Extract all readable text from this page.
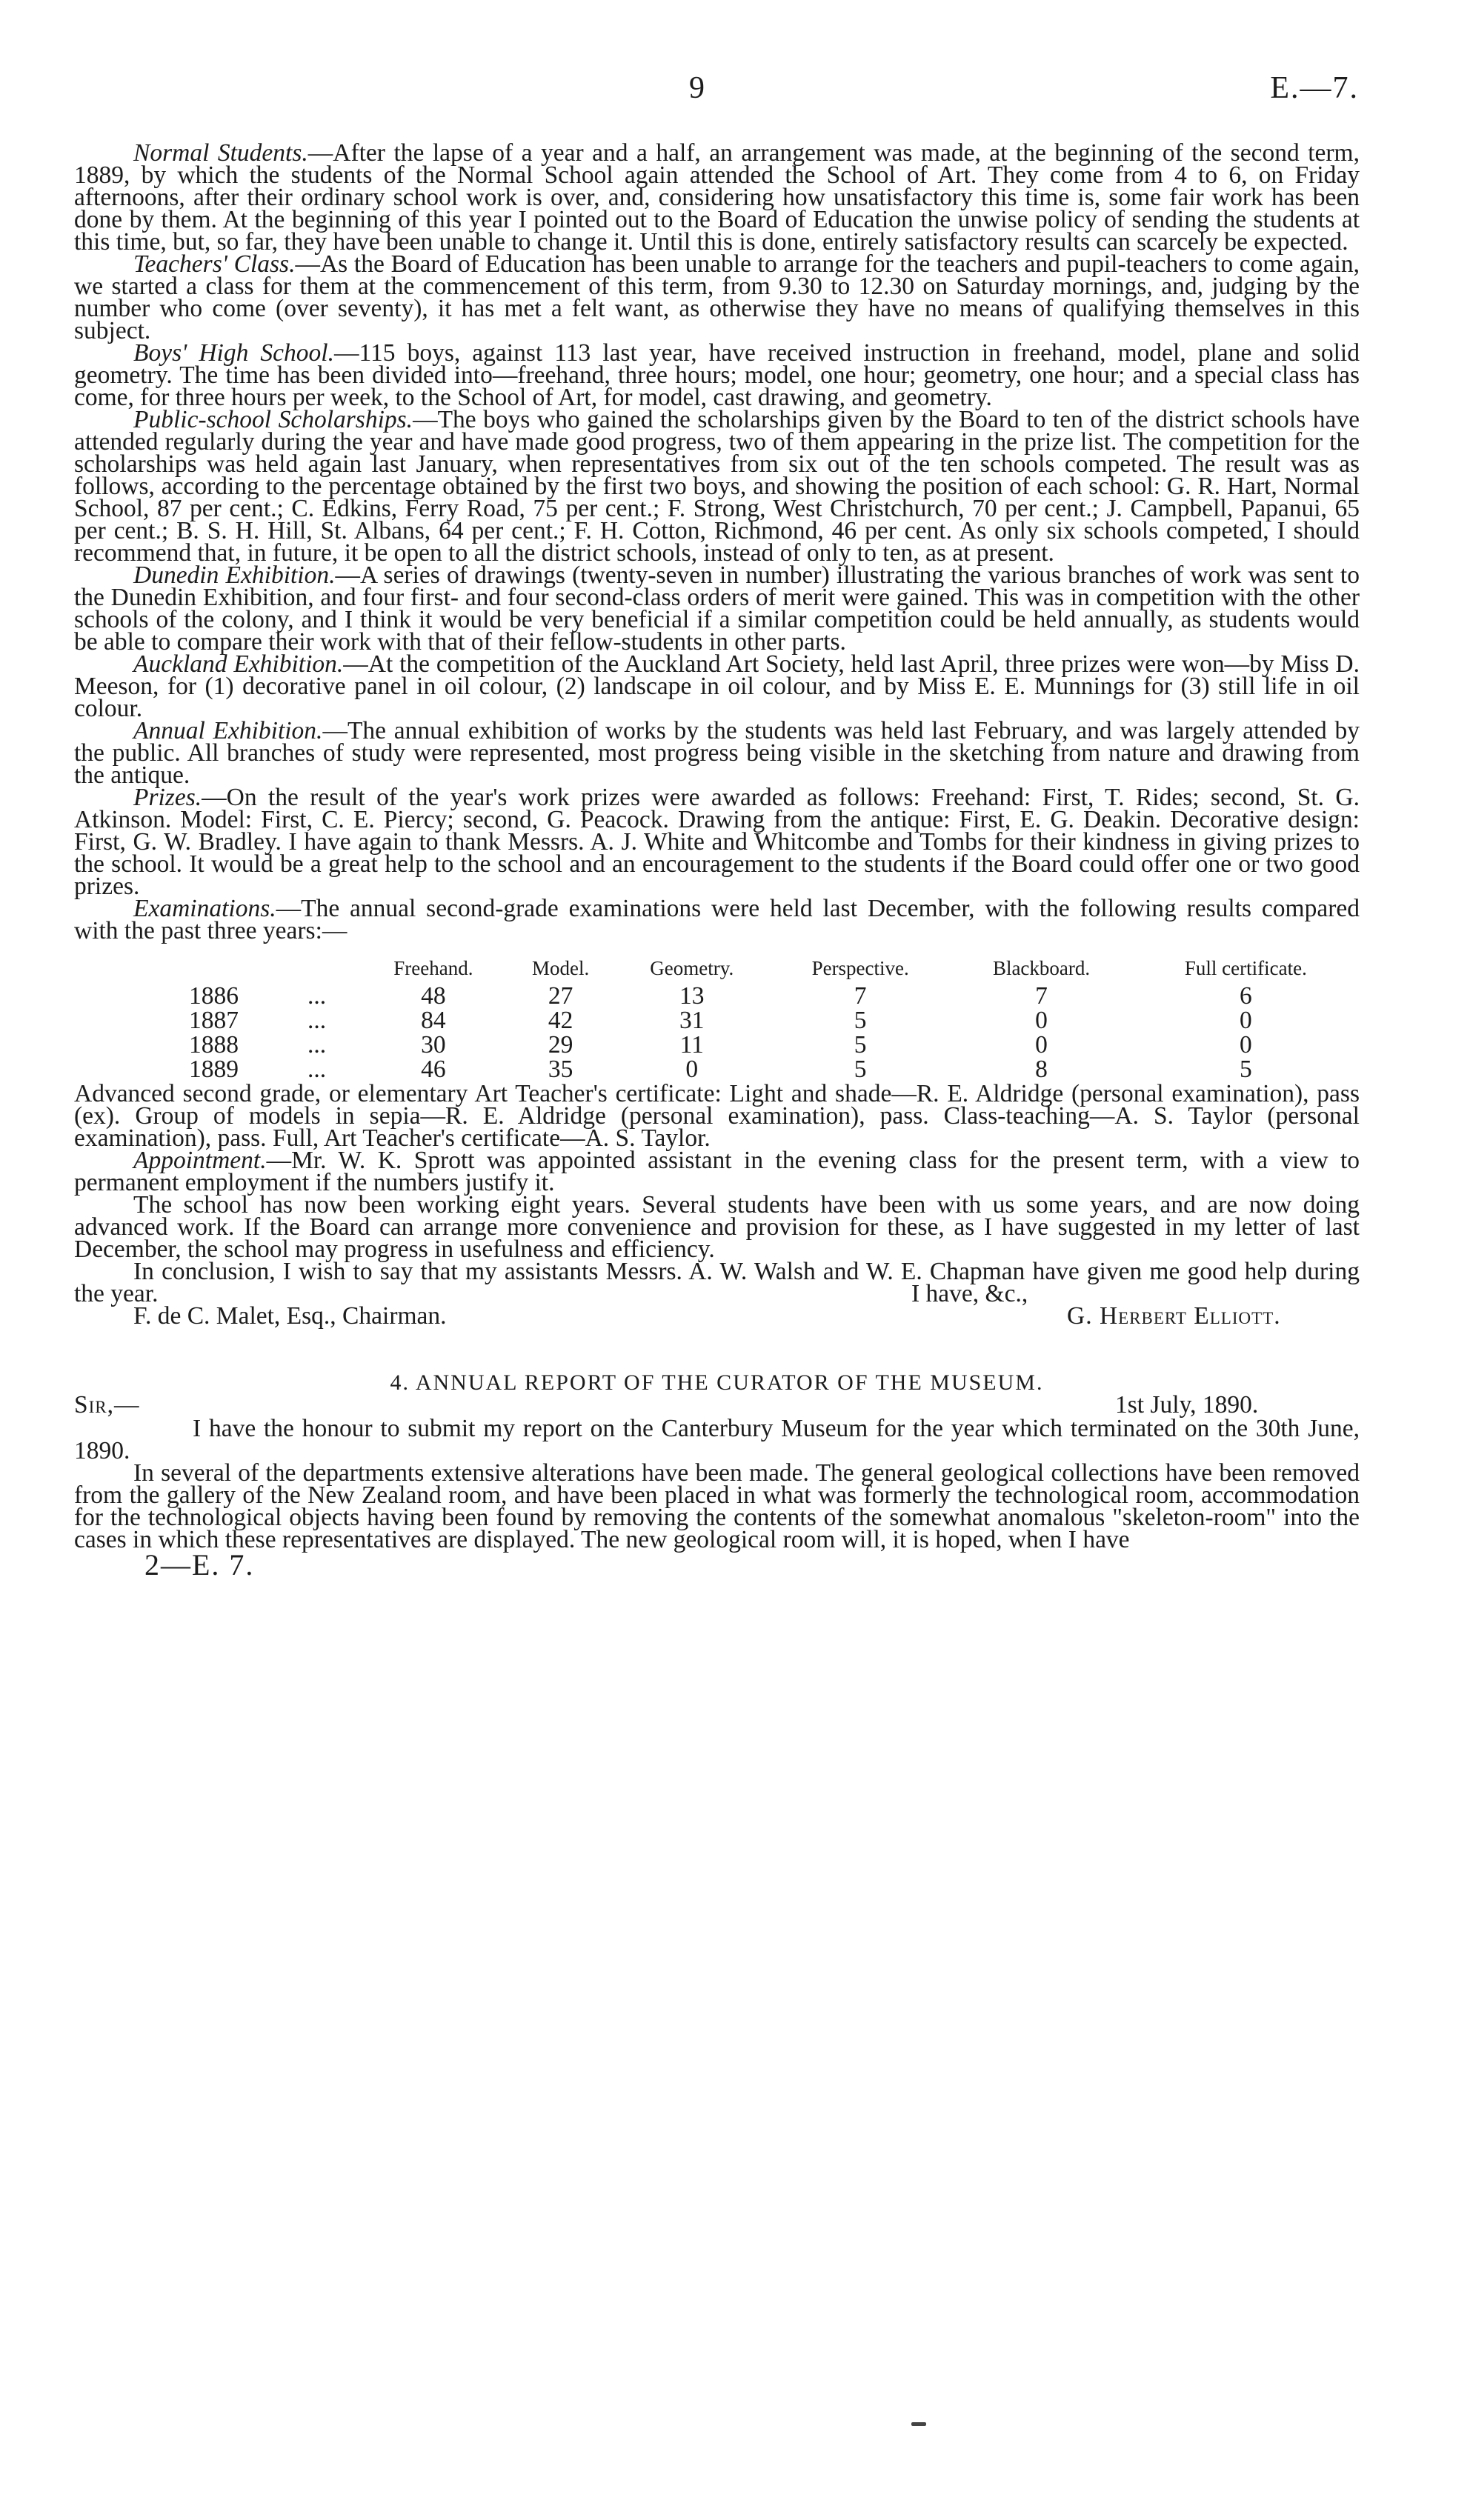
9	E.—7.

Normal Students.—After the lapse of a year and a half, an arrangement was made, at the beginning of the second term, 1889, by which the students of the Normal School again attended the School of Art. They come from 4 to 6, on Friday afternoons, after their ordinary school work is over, and, considering how unsatisfactory this time is, some fair work has been done by them. At the beginning of this year I pointed out to the Board of Education the unwise policy of sending the students at this time, but, so far, they have been unable to change it. Until this is done, entirely satisfactory results can scarcely be expected.

Teachers' Class.—As the Board of Education has been unable to arrange for the teachers and pupil-teachers to come again, we started a class for them at the commencement of this term, from 9.30 to 12.30 on Saturday mornings, and, judging by the number who come (over seventy), it has met a felt want, as otherwise they have no means of qualifying themselves in this subject.

Boys' High School.—115 boys, against 113 last year, have received instruction in freehand, model, plane and solid geometry. The time has been divided into—freehand, three hours; model, one hour; geometry, one hour; and a special class has come, for three hours per week, to the School of Art, for model, cast drawing, and geometry.

Public-school Scholarships.—The boys who gained the scholarships given by the Board to ten of the district schools have attended regularly during the year and have made good progress, two of them appearing in the prize list. The competition for the scholarships was held again last January, when representatives from six out of the ten schools competed. The result was as follows, according to the percentage obtained by the first two boys, and showing the position of each school: G. R. Hart, Normal School, 87 per cent.; C. Edkins, Ferry Road, 75 per cent.; F. Strong, West Christchurch, 70 per cent.; J. Campbell, Papanui, 65 per cent.; B. S. H. Hill, St. Albans, 64 per cent.; F. H. Cotton, Richmond, 46 per cent. As only six schools competed, I should recommend that, in future, it be open to all the district schools, instead of only to ten, as at present.

Dunedin Exhibition.—A series of drawings (twenty-seven in number) illustrating the various branches of work was sent to the Dunedin Exhibition, and four first- and four second-class orders of merit were gained. This was in competition with the other schools of the colony, and I think it would be very beneficial if a similar competition could be held annually, as students would be able to compare their work with that of their fellow-students in other parts.

Auckland Exhibition.—At the competition of the Auckland Art Society, held last April, three prizes were won—by Miss D. Meeson, for (1) decorative panel in oil colour, (2) landscape in oil colour, and by Miss E. E. Munnings for (3) still life in oil colour.

Annual Exhibition.—The annual exhibition of works by the students was held last February, and was largely attended by the public. All branches of study were represented, most progress being visible in the sketching from nature and drawing from the antique.

Prizes.—On the result of the year's work prizes were awarded as follows: Freehand: First, T. Rides; second, St. G. Atkinson. Model: First, C. E. Piercy; second, G. Peacock. Drawing from the antique: First, E. G. Deakin. Decorative design: First, G. W. Bradley. I have again to thank Messrs. A. J. White and Whitcombe and Tombs for their kindness in giving prizes to the school. It would be a great help to the school and an encouragement to the students if the Board could offer one or two good prizes.

Examinations.—The annual second-grade examinations were held last December, with the following results compared with the past three years:—

		Freehand.	Model.	Geometry.	Perspective.	Blackboard.	Full certificate.
1886	...	48	27	13	7	7	6
1887	...	84	42	31	5	0	0
1888	...	30	29	11	5	0	0
1889	...	46	35	0	5	8	5

Advanced second grade, or elementary Art Teacher's certificate: Light and shade—R. E. Aldridge (personal examination), pass (ex). Group of models in sepia—R. E. Aldridge (personal examination), pass. Class-teaching—A. S. Taylor (personal examination), pass. Full, Art Teacher's certificate—A. S. Taylor.

Appointment.—Mr. W. K. Sprott was appointed assistant in the evening class for the present term, with a view to permanent employment if the numbers justify it.

The school has now been working eight years. Several students have been with us some years, and are now doing advanced work. If the Board can arrange more convenience and provision for these, as I have suggested in my letter of last December, the school may progress in usefulness and efficiency.

In conclusion, I wish to say that my assistants Messrs. A. W. Walsh and W. E. Chapman have given me good help during the year.	I have, &c.,
F. de C. Malet, Esq., Chairman.	G. Herbert Elliott.
4. ANNUAL REPORT OF THE CURATOR OF THE MUSEUM.
Sir,—	1st July, 1890.

I have the honour to submit my report on the Canterbury Museum for the year which terminated on the 30th June, 1890.

In several of the departments extensive alterations have been made. The general geological collections have been removed from the gallery of the New Zealand room, and have been placed in what was formerly the technological room, accommodation for the technological objects having been found by removing the contents of the somewhat anomalous "skeleton-room" into the cases in which these representatives are displayed. The new geological room will, it is hoped, when I have

2—E. 7.
